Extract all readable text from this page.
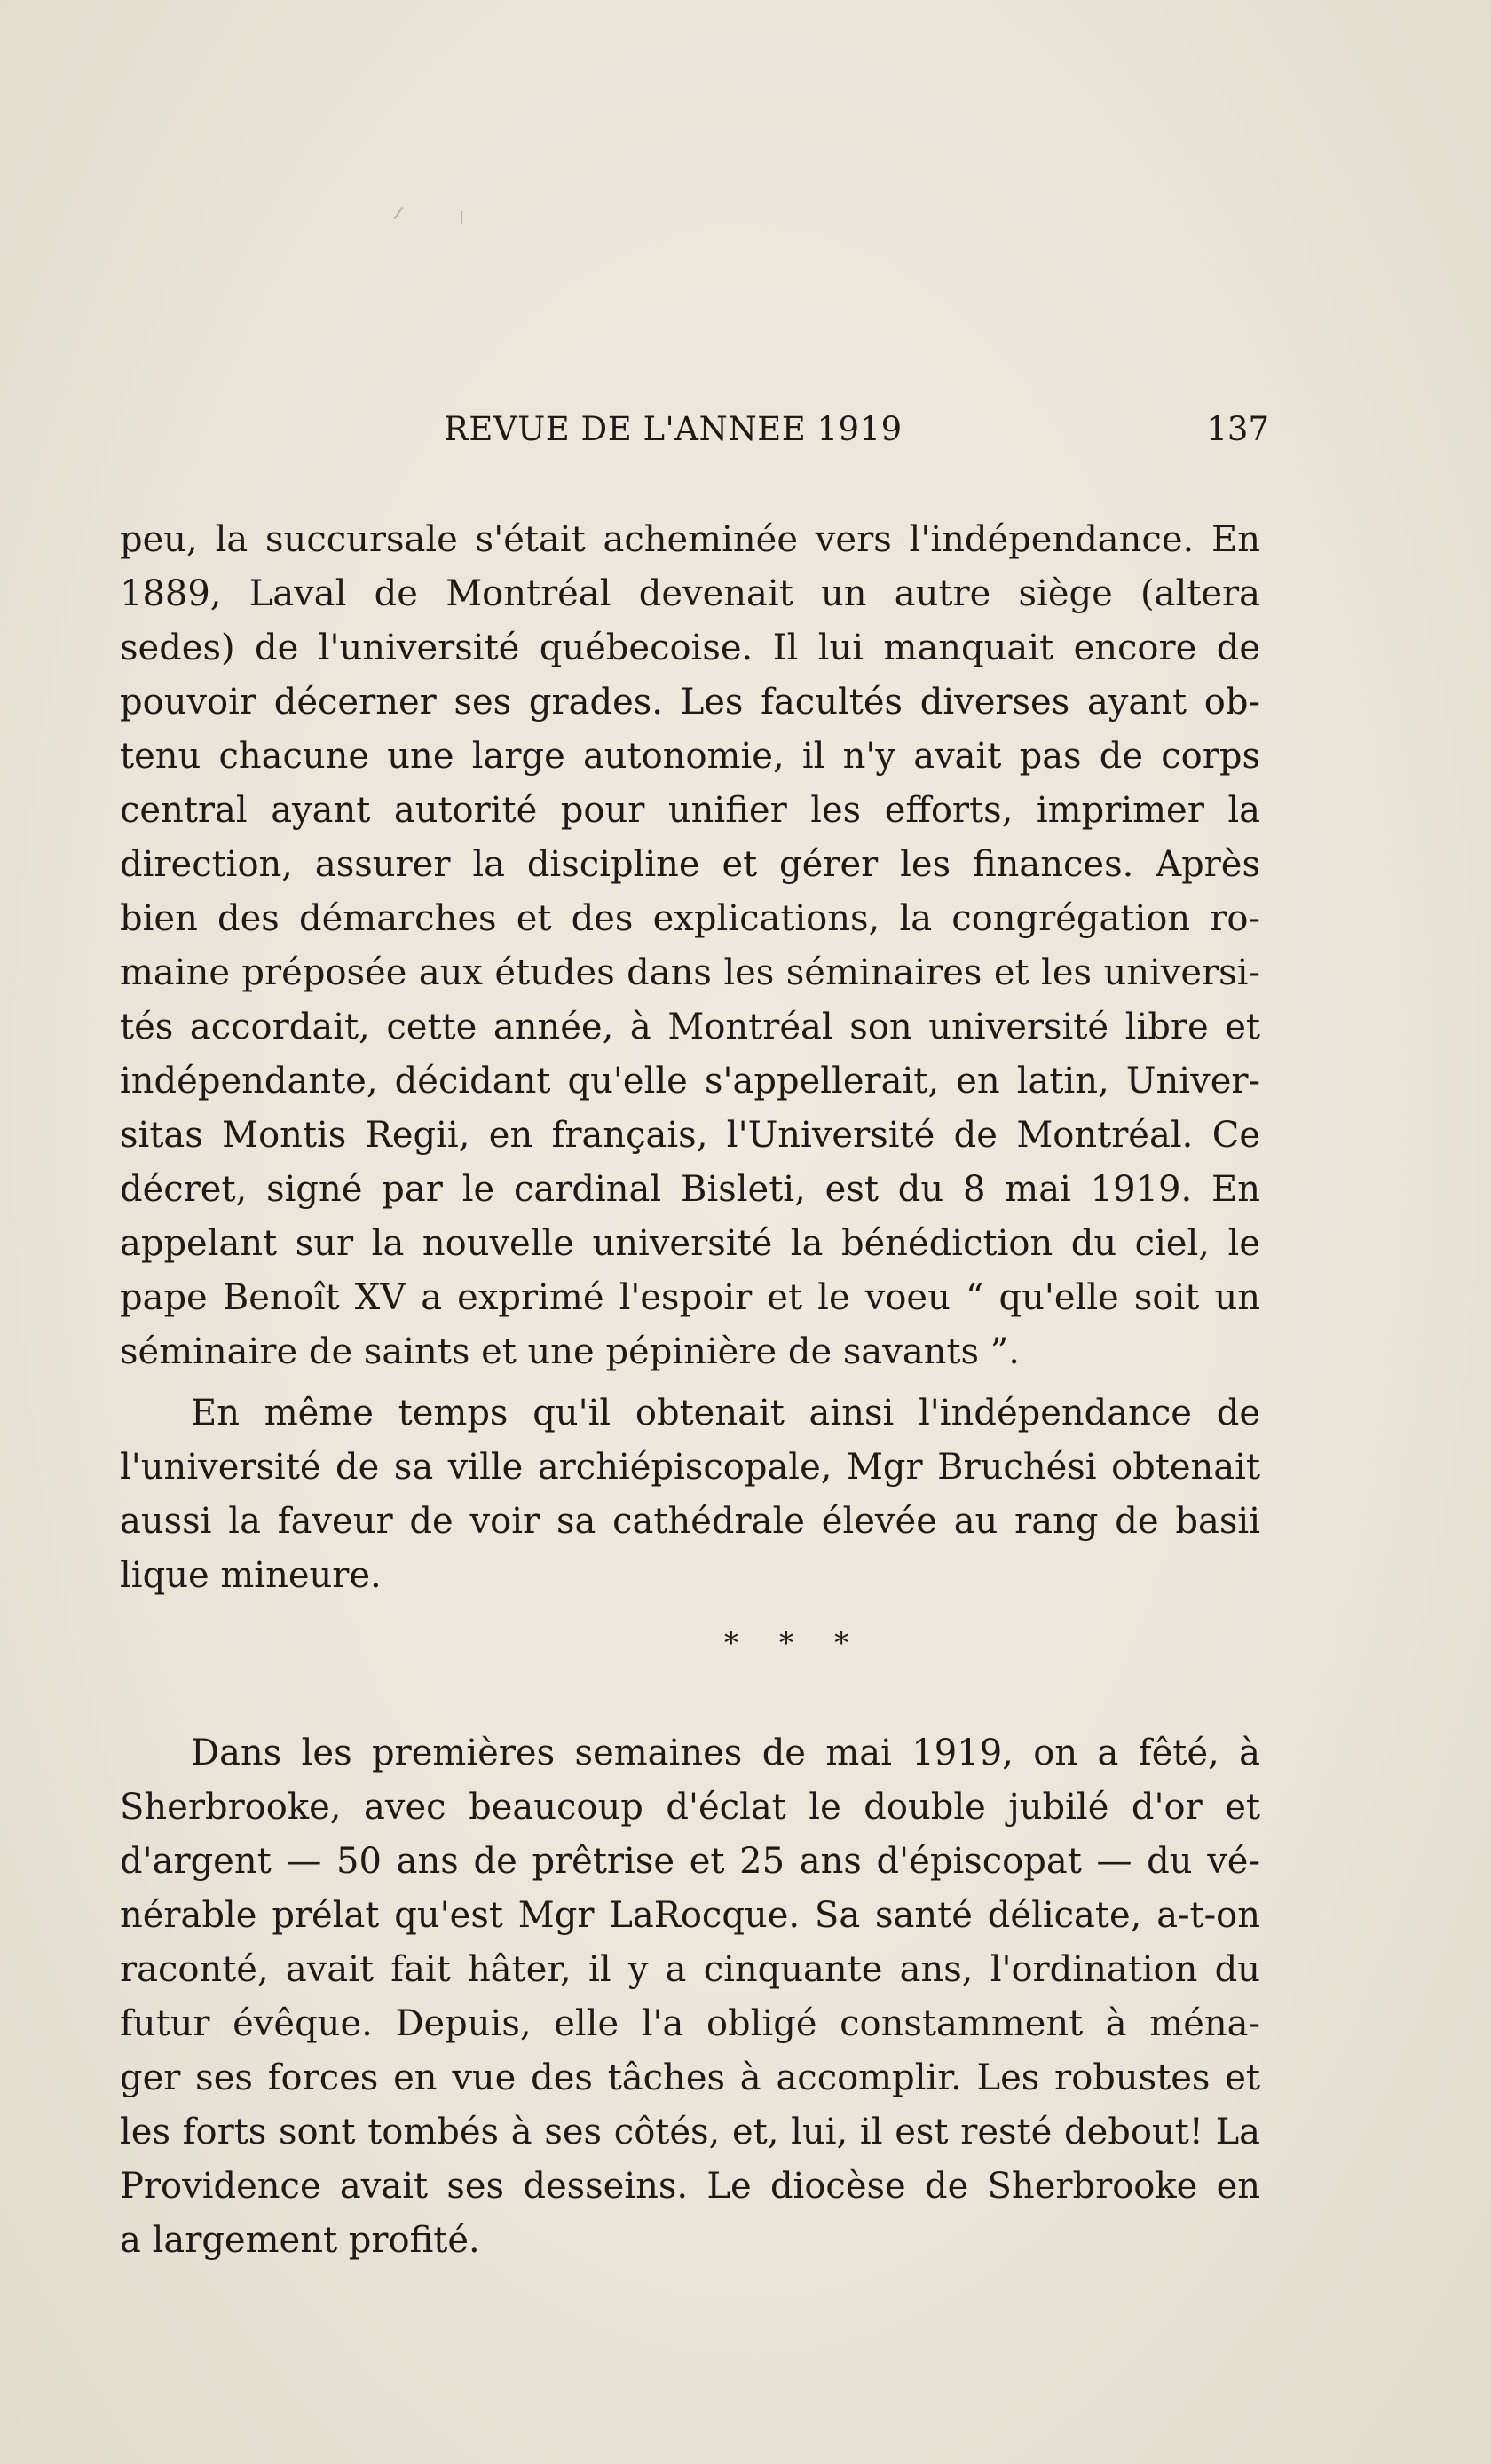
REVUE DE L'ANNEE 1919	137
peu, la succursale s'était acheminée vers l'indépendance. En
1889, Laval de Montréal devenait un autre siège (altera
sedes) de l'université québecoise. Il lui manquait encore de
pouvoir décerner ses grades. Les facultés diverses ayant ob-
tenu chacune une large autonomie, il n'y avait pas de corps
central ayant autorité pour unifier les efforts, imprimer la
direction, assurer la discipline et gérer les finances. Après
bien des démarches et des explications, la congrégation ro-
maine préposée aux études dans les séminaires et les universi-
tés accordait, cette année, à Montréal son université libre et
indépendante, décidant qu'elle s'appellerait, en latin, Univer-
sitas Montis Regii, en français, l'Université de Montréal. Ce
décret, signé par le cardinal Bisleti, est du 8 mai 1919. En
appelant sur la nouvelle université la bénédiction du ciel, le
pape Benoît XV a exprimé l'espoir et le voeu “ qu'elle soit un
séminaire de saints et une pépinière de savants ”.
En même temps qu'il obtenait ainsi l'indépendance de
l'université de sa ville archiépiscopale, Mgr Bruchési obtenait
aussi la faveur de voir sa cathédrale élevée au rang de basii
lique mineure.
* * *
Dans les premières semaines de mai 1919, on a fêté, à
Sherbrooke, avec beaucoup d'éclat le double jubilé d'or et
d'argent — 50 ans de prêtrise et 25 ans d'épiscopat — du vé-
nérable prélat qu'est Mgr LaRocque. Sa santé délicate, a-t-on
raconté, avait fait hâter, il y a cinquante ans, l'ordination du
futur évêque. Depuis, elle l'a obligé constamment à ména-
ger ses forces en vue des tâches à accomplir. Les robustes et
les forts sont tombés à ses côtés, et, lui, il est resté debout! La
Providence avait ses desseins. Le diocèse de Sherbrooke en
a largement profité.
